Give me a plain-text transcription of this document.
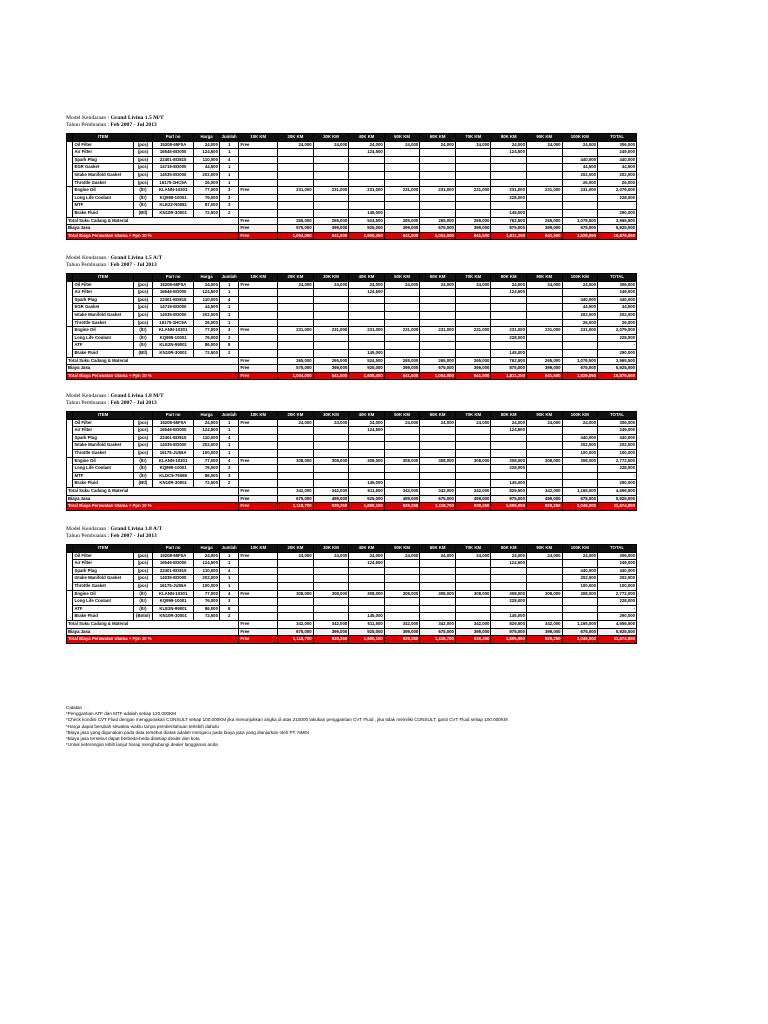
Model Kendaraan : Grand Livina 1.5 M/T
Tahun Pembuatan : Feb 2007 - Jul 2013
	ITEM		Part no	Harga	Jumlah	10K KM	20K KM	30K KM	40K KM	50K KM	60K KM	70K KM	80K KM	90K KM	100K KM	TOTAL
	Oil Filter	(pcs)	15208-65F0A	24,000	1	Free	24,000	24,000	24,000	24,000	24,000	24,000	24,000	24,000	24,000	306,000
	Air Filter	(pcs)	16546-ED000	124,500	1				124,500				124,500			249,000
	Spark Plug	(pcs)	22401-ED815	110,000	4										440,000	440,000
	EGR Gasket	(pcs)	14719-ED000	44,500	1										44,500	44,500
	Intake Manifold Gasket	(pcs)	14035-ED000	202,000	1										202,000	202,000
	Throttle Gasket	(pcs)	16175-1HC5A	26,000	1										26,000	26,000
	Engine Oil	(ltr)	KLANN-10301	77,000	3	Free	231,000	231,000	231,000	231,000	231,000	231,000	231,000	231,000	231,000	2,079,000
	Long Life Coolant	(ltr)	KQ999-10001	76,000	3								228,000			228,000
	MTF	(ltr)	KLE22-N0081	87,000	3											-
	Brake Fluid	(Btl)	KN10R-30001	72,500	2				145,000				145,000			290,000
Total Suku Cadang & Material						Free	265,000	265,000	524,500	265,000	265,000	265,000	762,500	265,000	1,078,500	3,965,500
Biaya Jasa						Free	575,000	399,000	925,000	399,000	675,000	399,000	875,000	399,000	675,000	5,925,000
Total Biaya Perawatan Utama + Ppn 10 %						Free	1,004,000	641,500	1,605,450	641,500	1,004,000	641,500	1,811,250	641,500	1,929,850	10,879,550
Model Kendaraan : Grand Livina 1.5 A/T
Tahun Pembuatan : Feb 2007 - Jul 2013
	ITEM		Part no	Harga	Jumlah	10K KM	20K KM	30K KM	40K KM	50K KM	60K KM	70K KM	80K KM	90K KM	100K KM	TOTAL
	Oil Filter	(pcs)	15208-65F0A	24,000	1	Free	24,000	24,000	24,000	24,000	24,000	24,000	24,000	24,000	24,000	306,000
	Air Filter	(pcs)	16546-ED000	124,500	1				124,500				124,500			249,000
	Spark Plug	(pcs)	22401-ED815	110,000	4										440,000	440,000
	EGR Gasket	(pcs)	14719-ED000	44,500	1										44,500	44,500
	Intake Manifold Gasket	(pcs)	14035-ED000	202,000	1										202,000	202,000
	Throttle Gasket	(pcs)	16175-1HC5A	26,000	1										26,000	26,000
	Engine Oil	(ltr)	KLANN-10301	77,000	3	Free	231,000	231,000	231,000	231,000	231,000	231,000	231,000	231,000	231,000	2,079,000
	Long Life Coolant	(ltr)	KQ999-10001	76,000	3								228,000			228,000
	ATF	(ltr)	KLE2N-99001	86,000	8											-
	Brake Fluid	(Btl)	KN10R-30001	72,500	2				145,000				145,000			290,000
Total Suku Cadang & Material						Free	265,000	265,000	524,500	265,000	265,000	265,000	762,500	265,000	1,078,500	3,965,500
Biaya Jasa						Free	575,000	399,000	925,000	399,000	675,000	399,000	875,000	399,000	675,000	5,925,000
Total Biaya Perawatan Utama + Ppn 10 %						Free	1,004,000	641,500	1,605,450	641,500	1,004,000	641,500	1,811,250	641,500	1,929,850	10,879,550
Model Kendaraan : Grand Livina 1.8 M/T
Tahun Pembuatan : Feb 2007 - Jul 2013
	ITEM		Part no	Harga	Jumlah	10K KM	20K KM	30K KM	40K KM	50K KM	60K KM	70K KM	80K KM	90K KM	100K KM	TOTAL
	Oil Filter	(pcs)	15208-65F0A	24,000	1	Free	24,000	24,000	24,000	24,000	24,000	24,000	24,000	24,000	24,000	306,000
	Air Filter	(pcs)	16546-ED000	124,500	1				124,500				124,500			249,000
	Spark Plug	(pcs)	22401-ED815	110,000	4										440,000	440,000
	Intake Manifold Gasket	(pcs)	14035-ED000	202,000	1										202,000	202,000
	Throttle Gasket	(pcs)	16175-JU55A	100,000	1										100,000	100,000
	Engine Oil	(ltr)	KLANN-10301	77,000	4	Free	308,000	308,000	308,000	308,000	308,000	308,000	308,000	308,000	308,000	2,772,000
	Long Life Coolant	(ltr)	KQ999-10001	76,000	3								228,000			228,000
	MTF	(ltr)	KLDC9-75085	86,000	3											-
	Brake Fluid	(Btl)	KN10R-30001	72,500	2				145,000				145,000			290,000
Total Suku Cadang & Material						Free	342,000	342,000	611,500	342,000	342,000	342,000	829,500	342,000	1,165,000	4,656,500
Biaya Jasa						Free	675,000	499,000	925,000	499,000	675,000	499,000	975,000	499,000	675,000	5,925,000
Total Biaya Perawatan Utama + Ppn 10 %						Free	1,118,700	929,250	1,690,150	929,250	1,118,700	929,250	1,895,950	929,250	2,046,000	11,674,850
Model Kendaraan : Grand Livina 1.8 A/T
Tahun Pembuatan : Feb 2007 - Jul 2013
	ITEM		Part no	Harga	Jumlah	10K KM	20K KM	30K KM	40K KM	50K KM	60K KM	70K KM	80K KM	90K KM	100K KM	TOTAL
	Oil Filter	(pcs)	15208-65F0A	24,000	1	Free	24,000	24,000	24,000	24,000	24,000	24,000	24,000	24,000	24,000	306,000
	Air Filter	(pcs)	16546-ED000	124,500	1				124,500				124,500			249,000
	Spark Plug	(pcs)	22401-ED815	110,000	4										440,000	440,000
	Intake Manifold Gasket	(pcs)	14035-ED000	202,000	1										202,000	202,000
	Throttle Gasket	(pcs)	16175-JU55A	100,000	1										100,000	100,000
	Engine Oil	(ltr)	KLANN-10301	77,000	4	Free	308,000	308,000	308,000	308,000	308,000	308,000	308,000	308,000	308,000	2,772,000
	Long Life Coolant	(ltr)	KQ999-10001	76,000	3								228,000			228,000
	ATF	(ltr)	KLE2N-99001	86,000	8											-
	Brake Fluid	(Botol)	KN10R-30001	72,500	2				145,000				145,000			290,000
Total Suku Cadang & Material						Free	342,000	342,000	611,500	342,000	342,000	342,000	829,500	342,000	1,165,000	4,656,500
Biaya Jasa						Free	675,000	399,000	925,000	399,000	675,000	399,000	975,000	399,000	675,000	5,925,000
Total Biaya Perawatan Utama + Ppn 10 %						Free	1,118,700	929,250	1,690,150	929,250	1,118,700	929,250	1,895,950	929,250	2,046,000	11,674,850
Catatan :
*Penggantian ATF dan MTF adalah setiap 120,000KM
*Check kondisi CVT Fluid dengan menggunakan CONSULT setiap 100.000KM jika menunjukkan angka di atas 210000 lakukan penggantian CVT Fluid , jika tidak memiliki CONSULT, ganti CVT Fluid setiap 100.000KM
*Harga dapat berubah sewaktu-waktu tanpa pemberitahuan terlebih dahulu
*Biaya jasa yang digunakan pada data tersebut diatas adalah mengacu pada biaya jasa yang dianjurkan oleh PT. NMDI
*Biaya jasa tersebut dapat berbeda-beda disetiap dealer dan kota
*Untuk keterangan lebih lanjut harap menghubungi dealer langganan anda
